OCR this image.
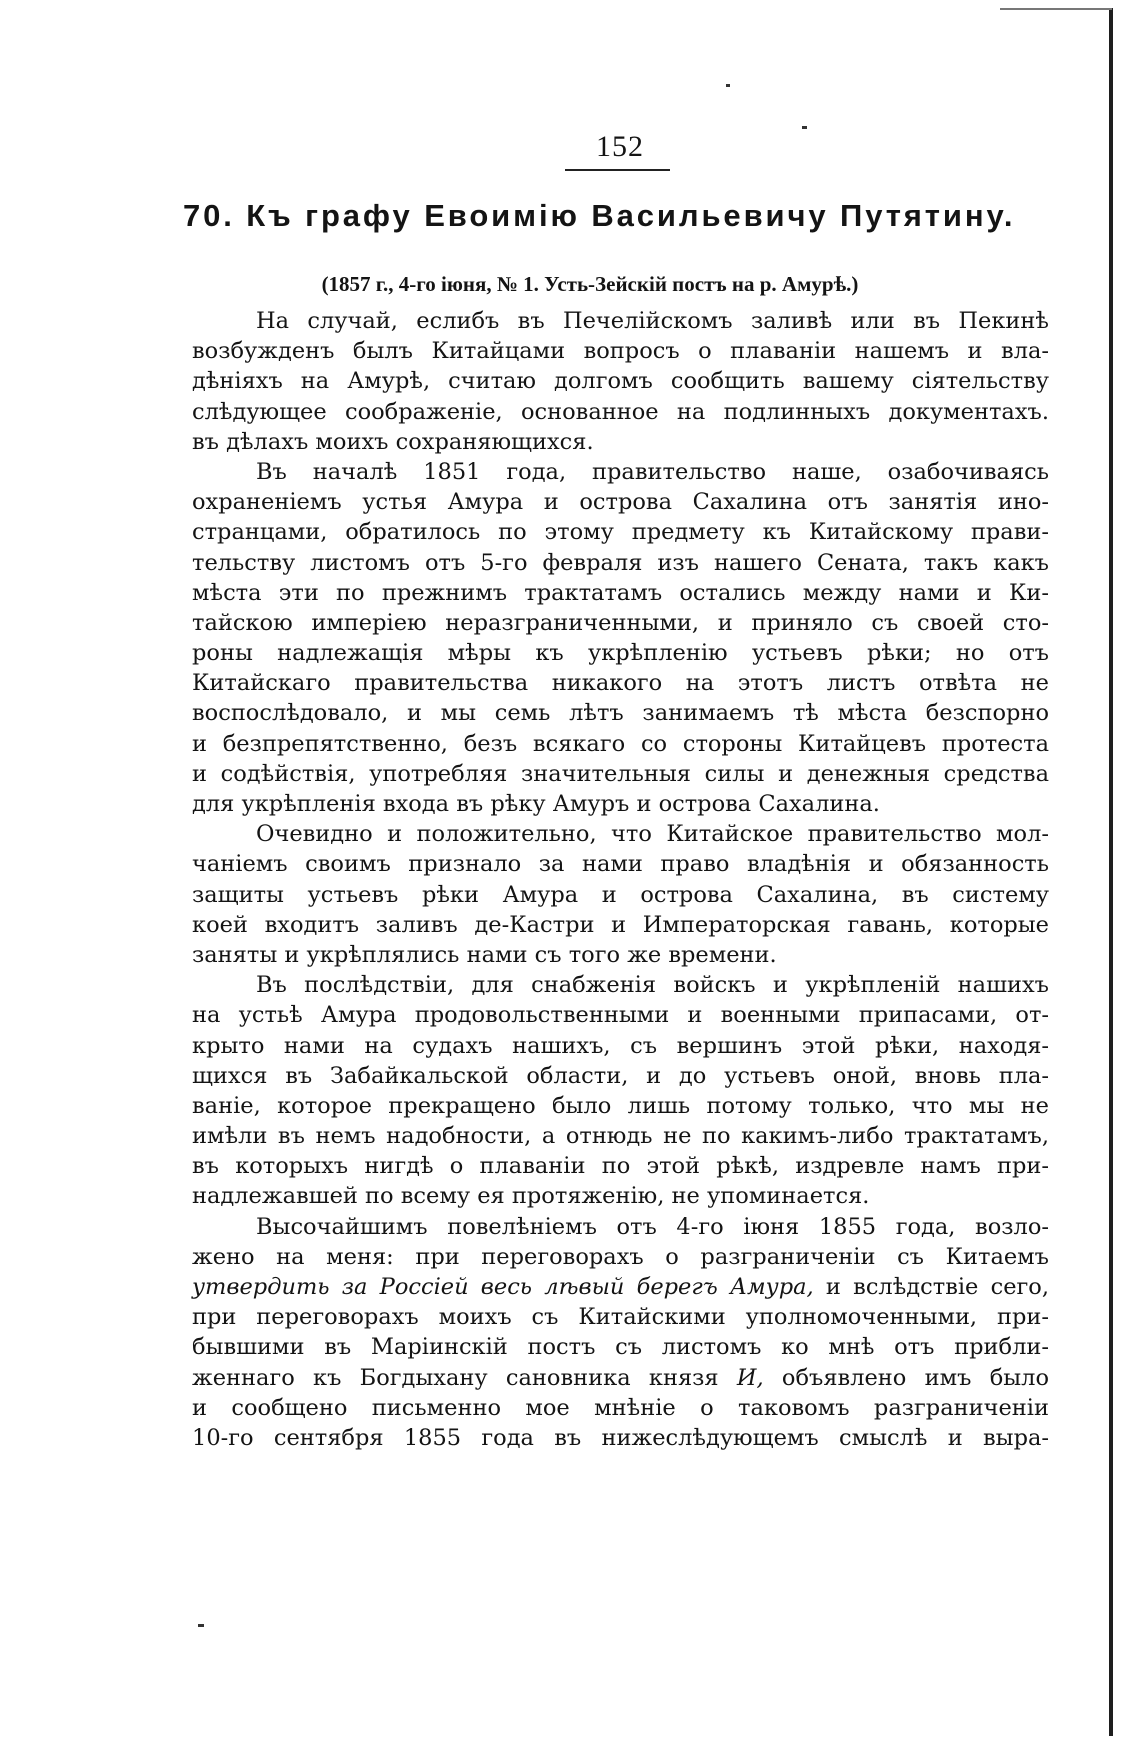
152
70. Къ графу Евоимію Васильевичу Путятину.
(1857 г., 4-го іюня, № 1. Усть-Зейскій постъ на р. Амурѣ.)
На случай, еслибъ въ Печелійскомъ заливѣ или въ Пекинѣ
возбужденъ былъ Китайцами вопросъ о плаваніи нашемъ и вла-
дѣніяхъ на Амурѣ, считаю долгомъ сообщить вашему сіятельству
слѣдующее соображеніе, основанное на подлинныхъ документахъ.
въ дѣлахъ моихъ сохраняющихся.
Въ началѣ 1851 года, правительство наше, озабочиваясь
охраненіемъ устья Амура и острова Сахалина отъ занятія ино-
странцами, обратилось по этому предмету къ Китайскому прави-
тельству листомъ отъ 5-го февраля изъ нашего Сената, такъ какъ
мѣста эти по прежнимъ трактатамъ остались между нами и Ки-
тайскою имперіею неразграниченными, и приняло съ своей сто-
роны надлежащія мѣры къ укрѣпленію устьевъ рѣки; но отъ
Китайскаго правительства никакого на этотъ листъ отвѣта не
воспослѣдовало, и мы семь лѣтъ занимаемъ тѣ мѣста безспорно
и безпрепятственно, безъ всякаго со стороны Китайцевъ протеста
и содѣйствія, употребляя значительныя силы и денежныя средства
для укрѣпленія входа въ рѣку Амуръ и острова Сахалина.
Очевидно и положительно, что Китайское правительство мол-
чаніемъ своимъ признало за нами право владѣнія и обязанность
защиты устьевъ рѣки Амура и острова Сахалина, въ систему
коей входитъ заливъ де-Кастри и Императорская гавань, которые
заняты и укрѣплялись нами съ того же времени.
Въ послѣдствіи, для снабженія войскъ и укрѣпленій нашихъ
на устьѣ Амура продовольственными и военными припасами, от-
крыто нами на судахъ нашихъ, съ вершинъ этой рѣки, находя-
щихся въ Забайкальской области, и до устьевъ оной, вновь пла-
ваніе, которое прекращено было лишь потому только, что мы не
имѣли въ немъ надобности, а отнюдь не по какимъ-либо трактатамъ,
въ которыхъ нигдѣ о плаваніи по этой рѣкѣ, издревле намъ при-
надлежавшей по всему ея протяженію, не упоминается.
Высочайшимъ повелѣніемъ отъ 4-го іюня 1855 года, возло-
жено на меня: при переговорахъ о разграниченіи съ Китаемъ
утвердить за Россіей весь лѣвый берегъ Амура, и вслѣдствіе сего,
при переговорахъ моихъ съ Китайскими уполномоченными, при-
бывшими въ Маріинскій постъ съ листомъ ко мнѣ отъ прибли-
женнаго къ Богдыхану сановника князя И, объявлено имъ было
и сообщено письменно мое мнѣніе о таковомъ разграниченіи
10-го сентября 1855 года въ нижеслѣдующемъ смыслѣ и выра-
